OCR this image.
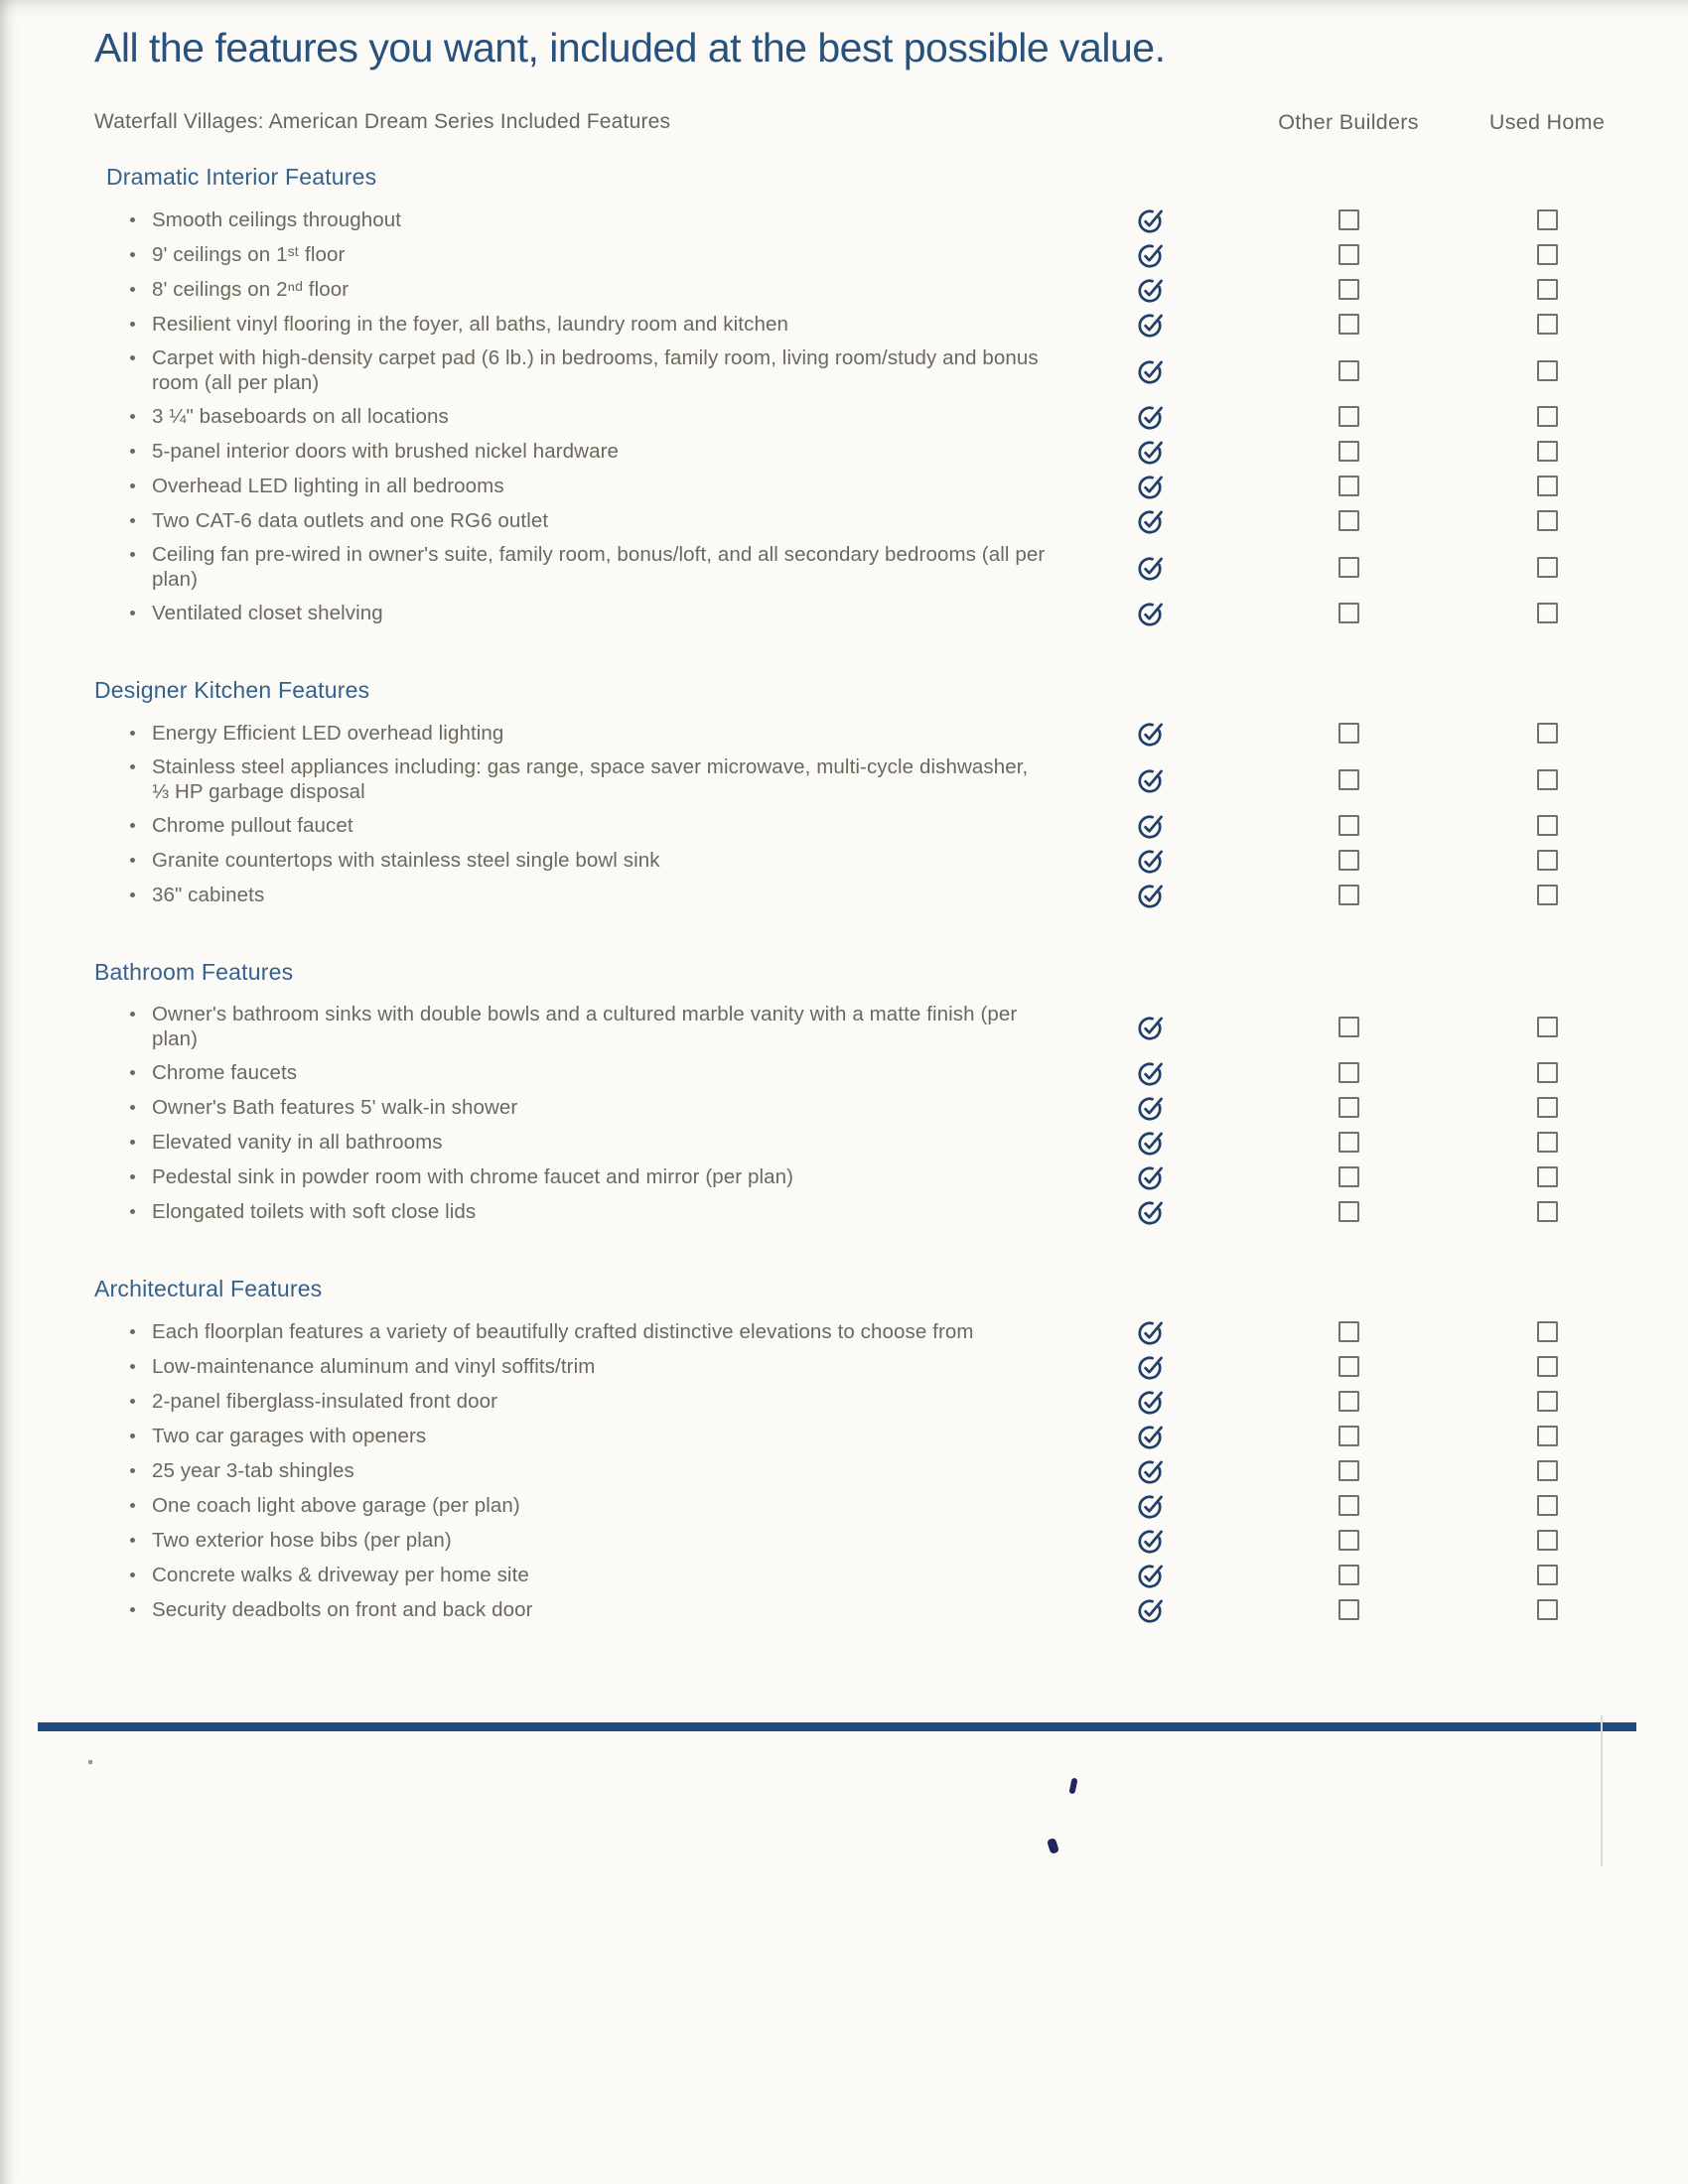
All the features you want, included at the best possible value.
Waterfall Villages: American Dream Series Included Features	Other Builders	Used Home
Dramatic Interior Features
Smooth ceilings throughout
9' ceilings on 1ˢᵗ floor
8' ceilings on 2ⁿᵈ floor
Resilient vinyl flooring in the foyer, all baths, laundry room and kitchen
Carpet with high-density carpet pad (6 lb.) in bedrooms, family room, living room/study and bonus room (all per plan)
3 ¼" baseboards on all locations
5-panel interior doors with brushed nickel hardware
Overhead LED lighting in all bedrooms
Two CAT-6 data outlets and one RG6 outlet
Ceiling fan pre-wired in owner's suite, family room, bonus/loft, and all secondary bedrooms (all per plan)
Ventilated closet shelving
Designer Kitchen Features
Energy Efficient LED overhead lighting
Stainless steel appliances including: gas range, space saver microwave, multi-cycle dishwasher, ⅓ HP garbage disposal
Chrome pullout faucet
Granite countertops with stainless steel single bowl sink
36" cabinets
Bathroom Features
Owner's bathroom sinks with double bowls and a cultured marble vanity with a matte finish (per plan)
Chrome faucets
Owner's Bath features 5' walk-in shower
Elevated vanity in all bathrooms
Pedestal sink in powder room with chrome faucet and mirror (per plan)
Elongated toilets with soft close lids
Architectural Features
Each floorplan features a variety of beautifully crafted distinctive elevations to choose from
Low-maintenance aluminum and vinyl soffits/trim
2-panel fiberglass-insulated front door
Two car garages with openers
25 year 3-tab shingles
One coach light above garage (per plan)
Two exterior hose bibs (per plan)
Concrete walks & driveway per home site
Security deadbolts on front and back door
